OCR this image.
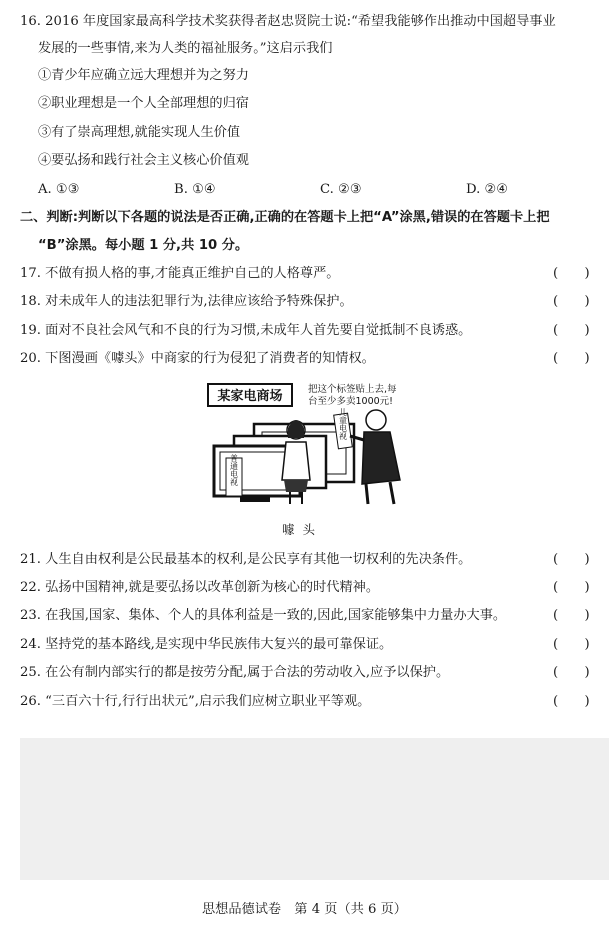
16. 2016 年度国家最高科学技术奖获得者赵忠贤院士说:“希望我能够作出推动中国超导事业
发展的一些事情,来为人类的福祉服务。”这启示我们
①青少年应确立远大理想并为之努力
②职业理想是一个人全部理想的归宿
③有了崇高理想,就能实现人生价值
④要弘扬和践行社会主义核心价值观
A. ①③	B. ①④	C. ②③	D. ②④
二、判断:判断以下各题的说法是否正确,正确的在答题卡上把“A”涂黑,错误的在答题卡上把
“B”涂黑。每小题 1 分,共 10 分。
17. 不做有损人格的事,才能真正维护自己的人格尊严。	(　　)
18. 对未成年人的违法犯罪行为,法律应该给予特殊保护。	(　　)
19. 面对不良社会风气和不良的行为习惯,未成年人首先要自觉抵制不良诱惑。	(　　)
20. 下图漫画《噱头》中商家的行为侵犯了消费者的知情权。	(　　)
某家电商场	把这个标签贴上去,每
台至少多卖1000元!
普通电视
儿童电视
噱头
21. 人生自由权利是公民最基本的权利,是公民享有其他一切权利的先决条件。	(　　)
22. 弘扬中国精神,就是要弘扬以改革创新为核心的时代精神。	(　　)
23. 在我国,国家、集体、个人的具体利益是一致的,因此,国家能够集中力量办大事。	(　　)
24. 坚持党的基本路线,是实现中华民族伟大复兴的最可靠保证。	(　　)
25. 在公有制内部实行的都是按劳分配,属于合法的劳动收入,应予以保护。	(　　)
26. “三百六十行,行行出状元”,启示我们应树立职业平等观。	(　　)
思想品德试卷　第 4 页（共 6 页）
